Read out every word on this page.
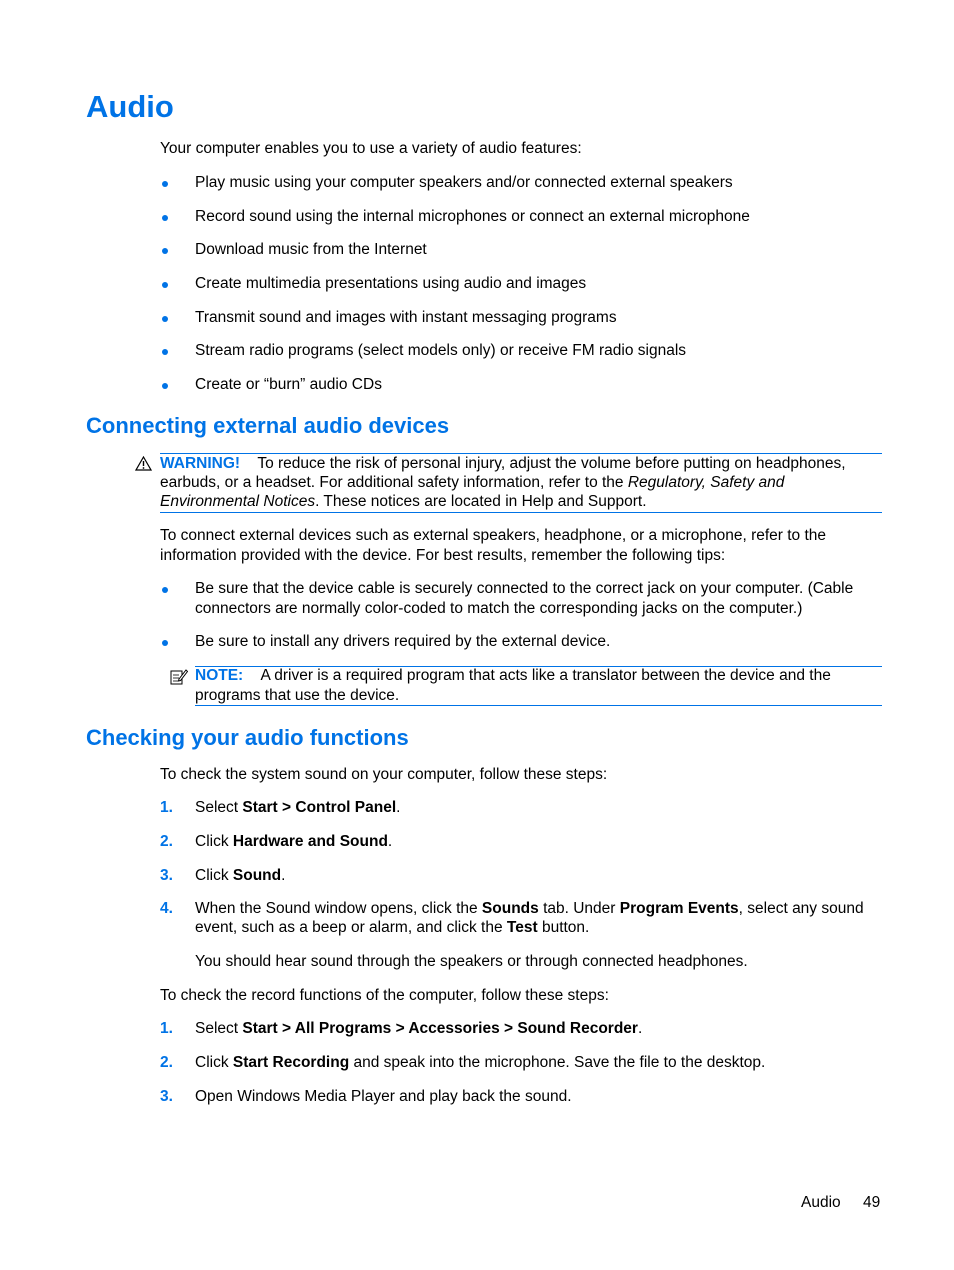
Audio
Your computer enables you to use a variety of audio features:
Play music using your computer speakers and/or connected external speakers
Record sound using the internal microphones or connect an external microphone
Download music from the Internet
Create multimedia presentations using audio and images
Transmit sound and images with instant messaging programs
Stream radio programs (select models only) or receive FM radio signals
Create or “burn” audio CDs
Connecting external audio devices
WARNING! To reduce the risk of personal injury, adjust the volume before putting on headphones, earbuds, or a headset. For additional safety information, refer to the Regulatory, Safety and Environmental Notices. These notices are located in Help and Support.
To connect external devices such as external speakers, headphone, or a microphone, refer to the information provided with the device. For best results, remember the following tips:
Be sure that the device cable is securely connected to the correct jack on your computer. (Cable connectors are normally color-coded to match the corresponding jacks on the computer.)
Be sure to install any drivers required by the external device.
NOTE: A driver is a required program that acts like a translator between the device and the programs that use the device.
Checking your audio functions
To check the system sound on your computer, follow these steps:
1.	Select Start > Control Panel.
2.	Click Hardware and Sound.
3.	Click Sound.
4.	When the Sound window opens, click the Sounds tab. Under Program Events, select any sound event, such as a beep or alarm, and click the Test button.
You should hear sound through the speakers or through connected headphones.
To check the record functions of the computer, follow these steps:
1.	Select Start > All Programs > Accessories > Sound Recorder.
2.	Click Start Recording and speak into the microphone. Save the file to the desktop.
3.	Open Windows Media Player and play back the sound.
Audio 49
